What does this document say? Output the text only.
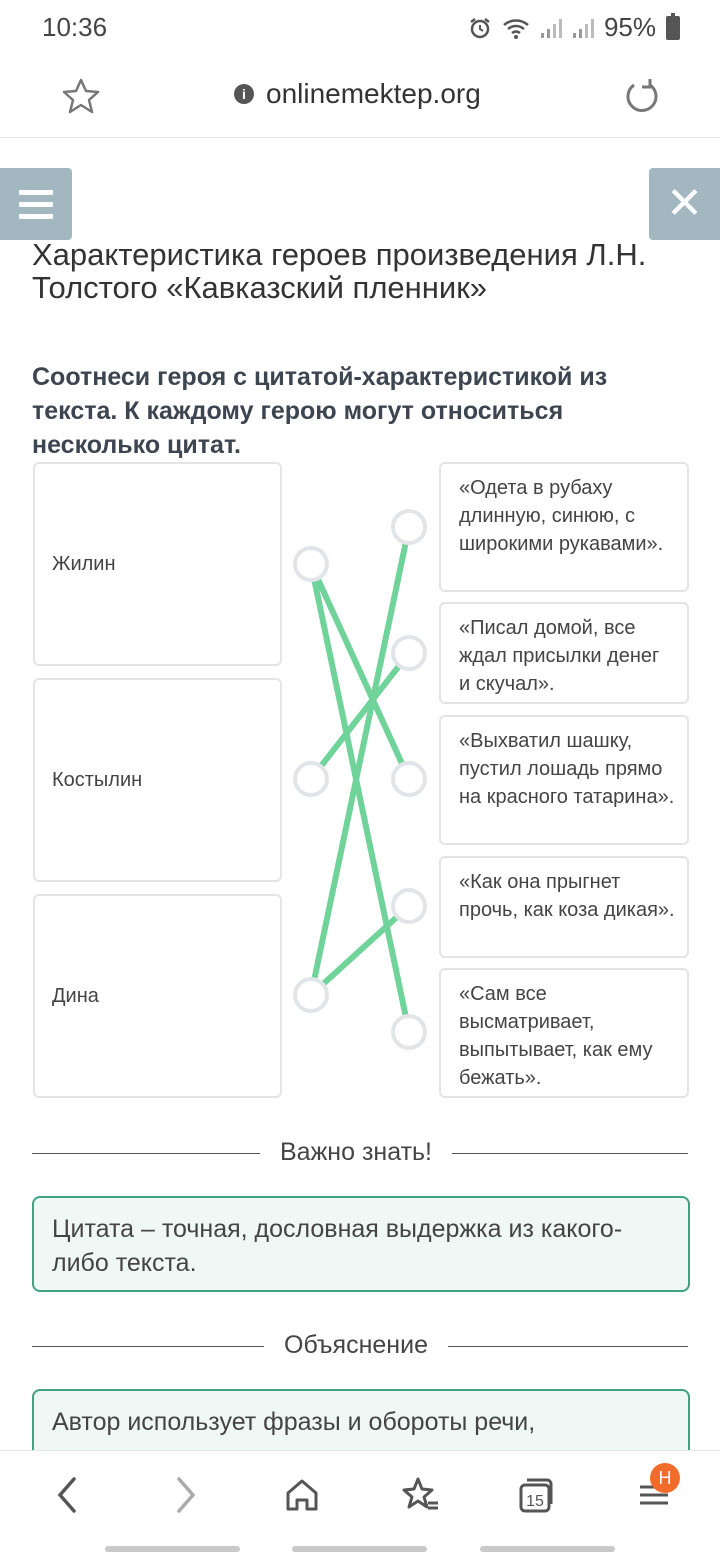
10:36	95%
i onlinemektep.org
✕
Характеристика героев произведения Л.Н. Толстого «Кавказский пленник»
Соотнеси героя с цитатой-характеристикой из текста. К каждому герою могут относиться несколько цитат.
Жилин
Костылин
Дина
«Одета в рубаху длинную, синюю, с широкими рукавами».
«Писал домой, все ждал присылки денег и скучал».
«Выхватил шашку, пустил лошадь прямо на красного татарина».
«Как она прыгнет прочь, как коза дикая».
«Сам все высматривает, выпытывает, как ему бежать».
Важно знать!
Цитата – точная, дословная выдержка из какого-либо текста.
Объяснение
Автор использует фразы и обороты речи,
15
Н
